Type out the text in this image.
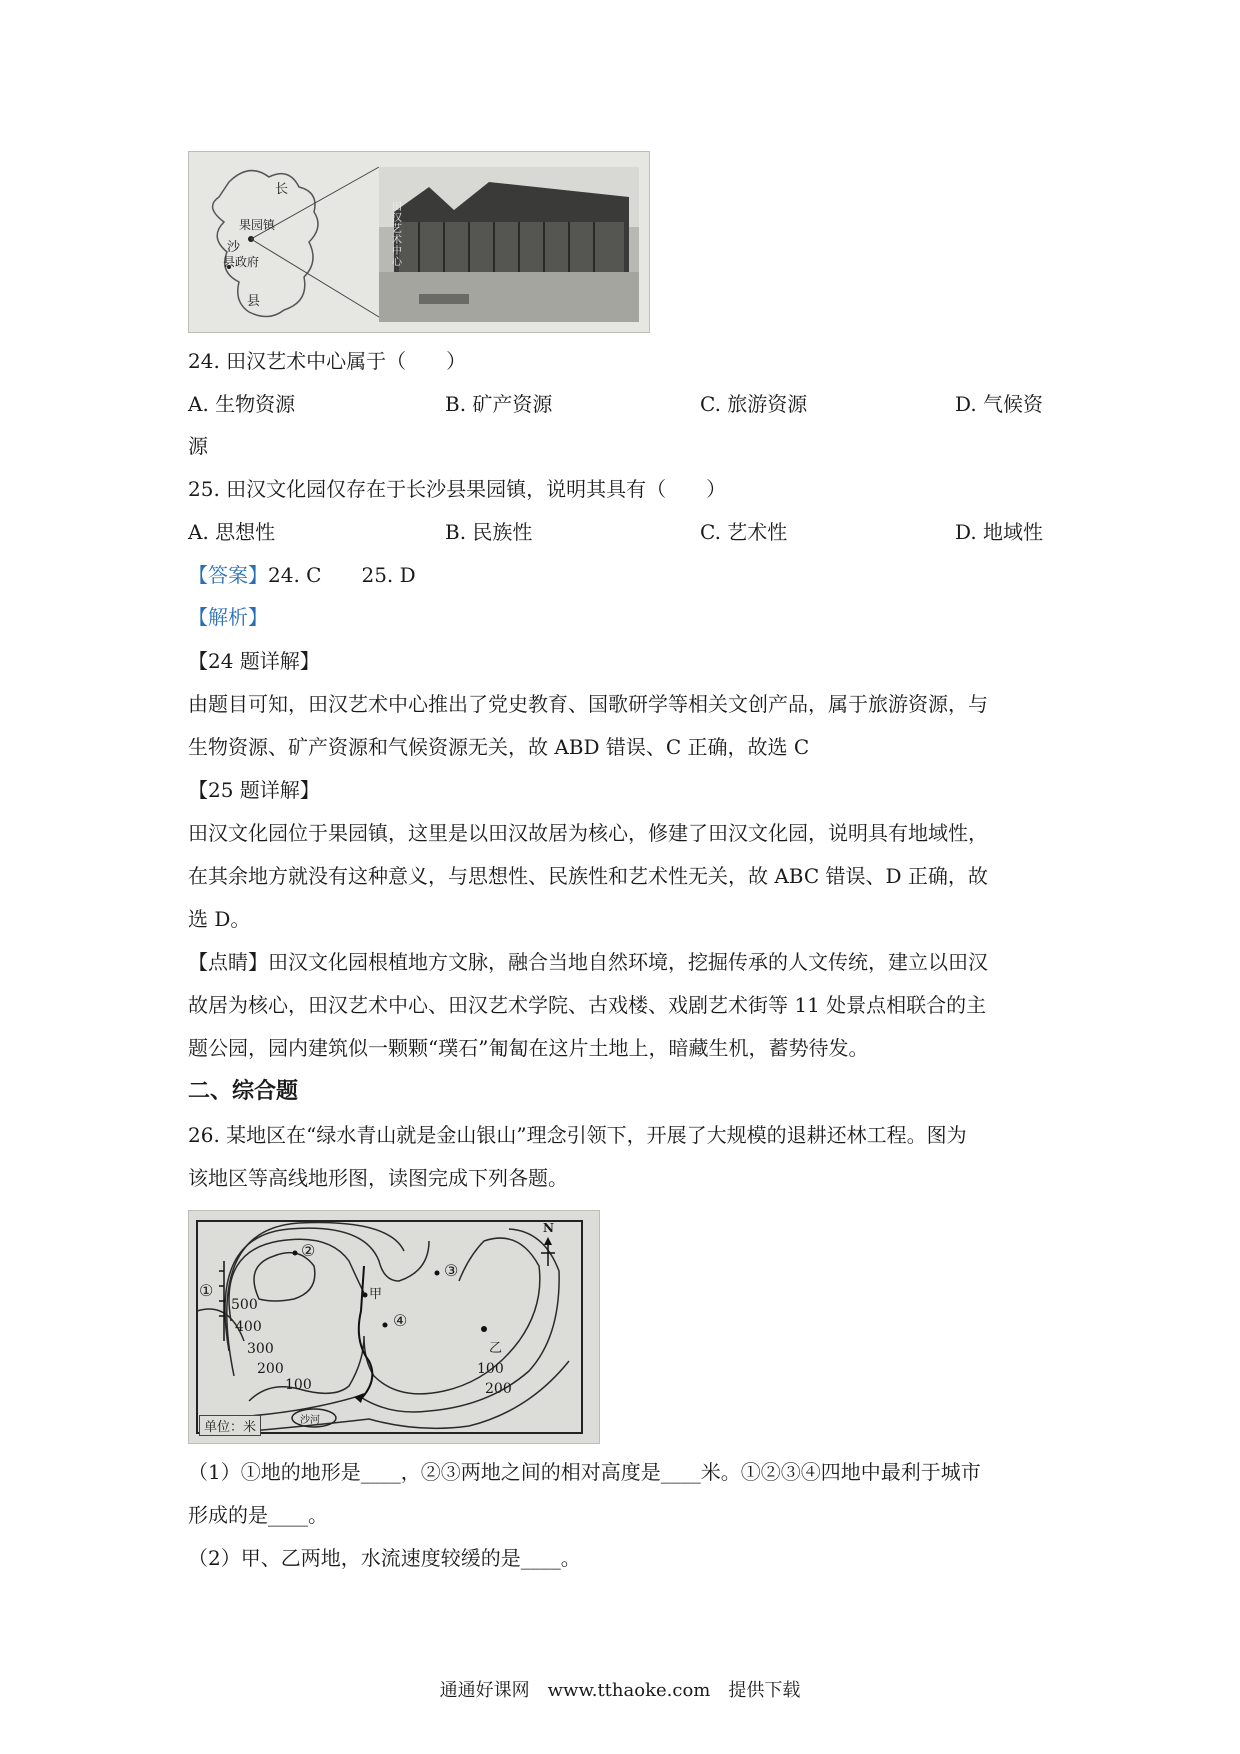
长
果园镇
沙
县政府
县
田汉艺术中心
24. 田汉艺术中心属于（　　）
A. 生物资源	B. 矿产资源	C. 旅游资源	D. 气候资
源
25. 田汉文化园仅存在于长沙县果园镇，说明其具有（　　）
A. 思想性	B. 民族性	C. 艺术性	D. 地域性
【答案】24. C　　25. D
【解析】
【24 题详解】
由题目可知，田汉艺术中心推出了党史教育、国歌研学等相关文创产品，属于旅游资源，与
生物资源、矿产资源和气候资源无关，故 ABD 错误、C 正确，故选 C
【25 题详解】
田汉文化园位于果园镇，这里是以田汉故居为核心，修建了田汉文化园，说明具有地域性，
在其余地方就没有这种意义，与思想性、民族性和艺术性无关，故 ABC 错误、D 正确，故
选 D。
【点睛】田汉文化园根植地方文脉，融合当地自然环境，挖掘传承的人文传统，建立以田汉
故居为核心，田汉艺术中心、田汉艺术学院、古戏楼、戏剧艺术街等 11 处景点相联合的主
题公园，园内建筑似一颗颗“璞石”匍匐在这片土地上，暗藏生机，蓄势待发。
二、综合题
26. 某地区在“绿水青山就是金山银山”理念引领下，开展了大规模的退耕还林工程。图为
该地区等高线地形图，读图完成下列各题。
①
②
③
④
甲
乙
500
400
300
200
100
100
200
N
单位：米	沙河
（1）①地的地形是____，②③两地之间的相对高度是____米。①②③④四地中最利于城市
形成的是____。
（2）甲、乙两地，水流速度较缓的是____。
通通好课网　www.tthaoke.com　提供下载
